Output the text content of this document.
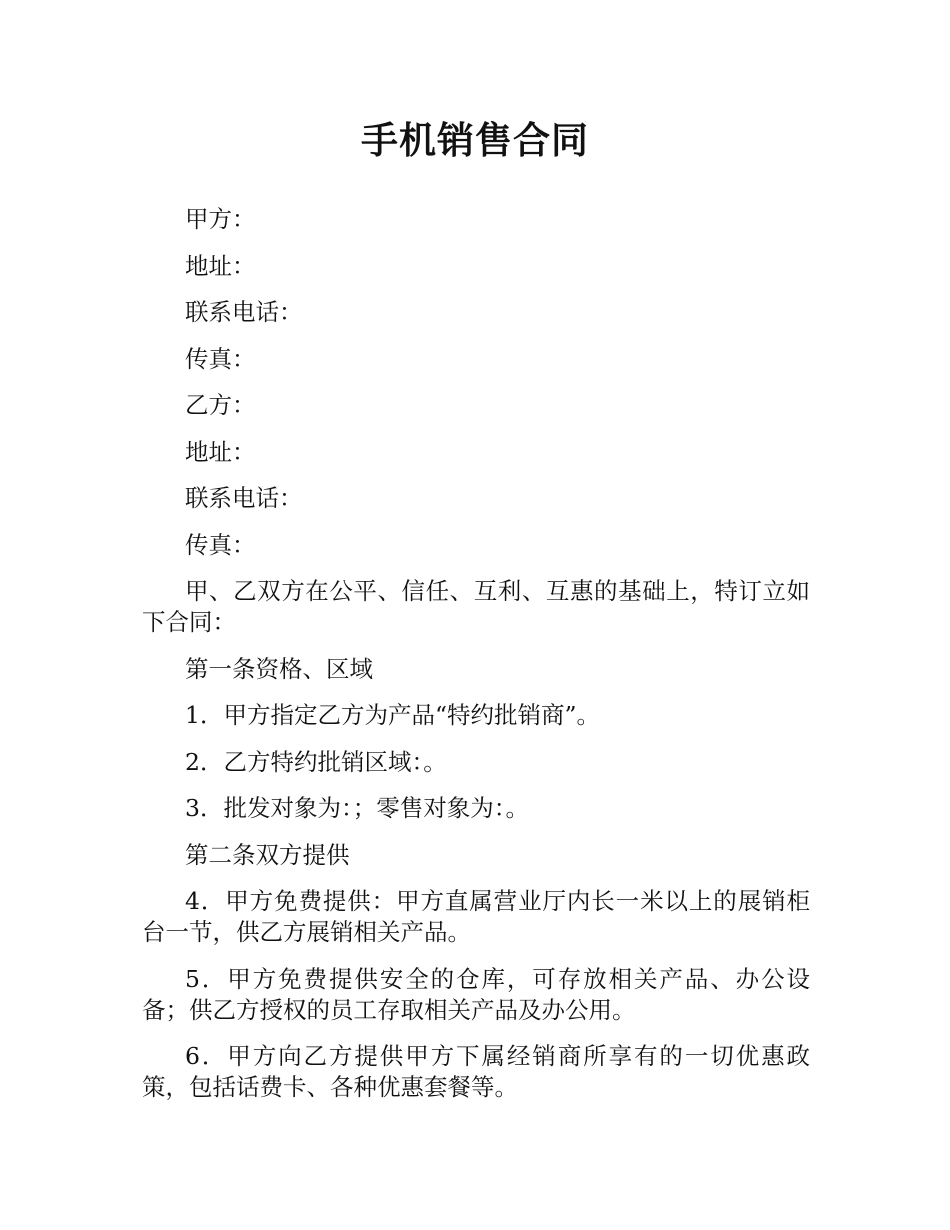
手机销售合同

甲方：

地址：

联系电话：

传真：

乙方：

地址：

联系电话：

传真：

甲、乙双方在公平、信任、互利、互惠的基础上，特订立如下合同：

第一条资格、区域

1．甲方指定乙方为产品“特约批销商”。

2．乙方特约批销区域：。

3．批发对象为：；零售对象为：。

第二条双方提供

4．甲方免费提供：甲方直属营业厅内长一米以上的展销柜台一节，供乙方展销相关产品。

5．甲方免费提供安全的仓库，可存放相关产品、办公设备；供乙方授权的员工存取相关产品及办公用。

6．甲方向乙方提供甲方下属经销商所享有的一切优惠政策，包括话费卡、各种优惠套餐等。
